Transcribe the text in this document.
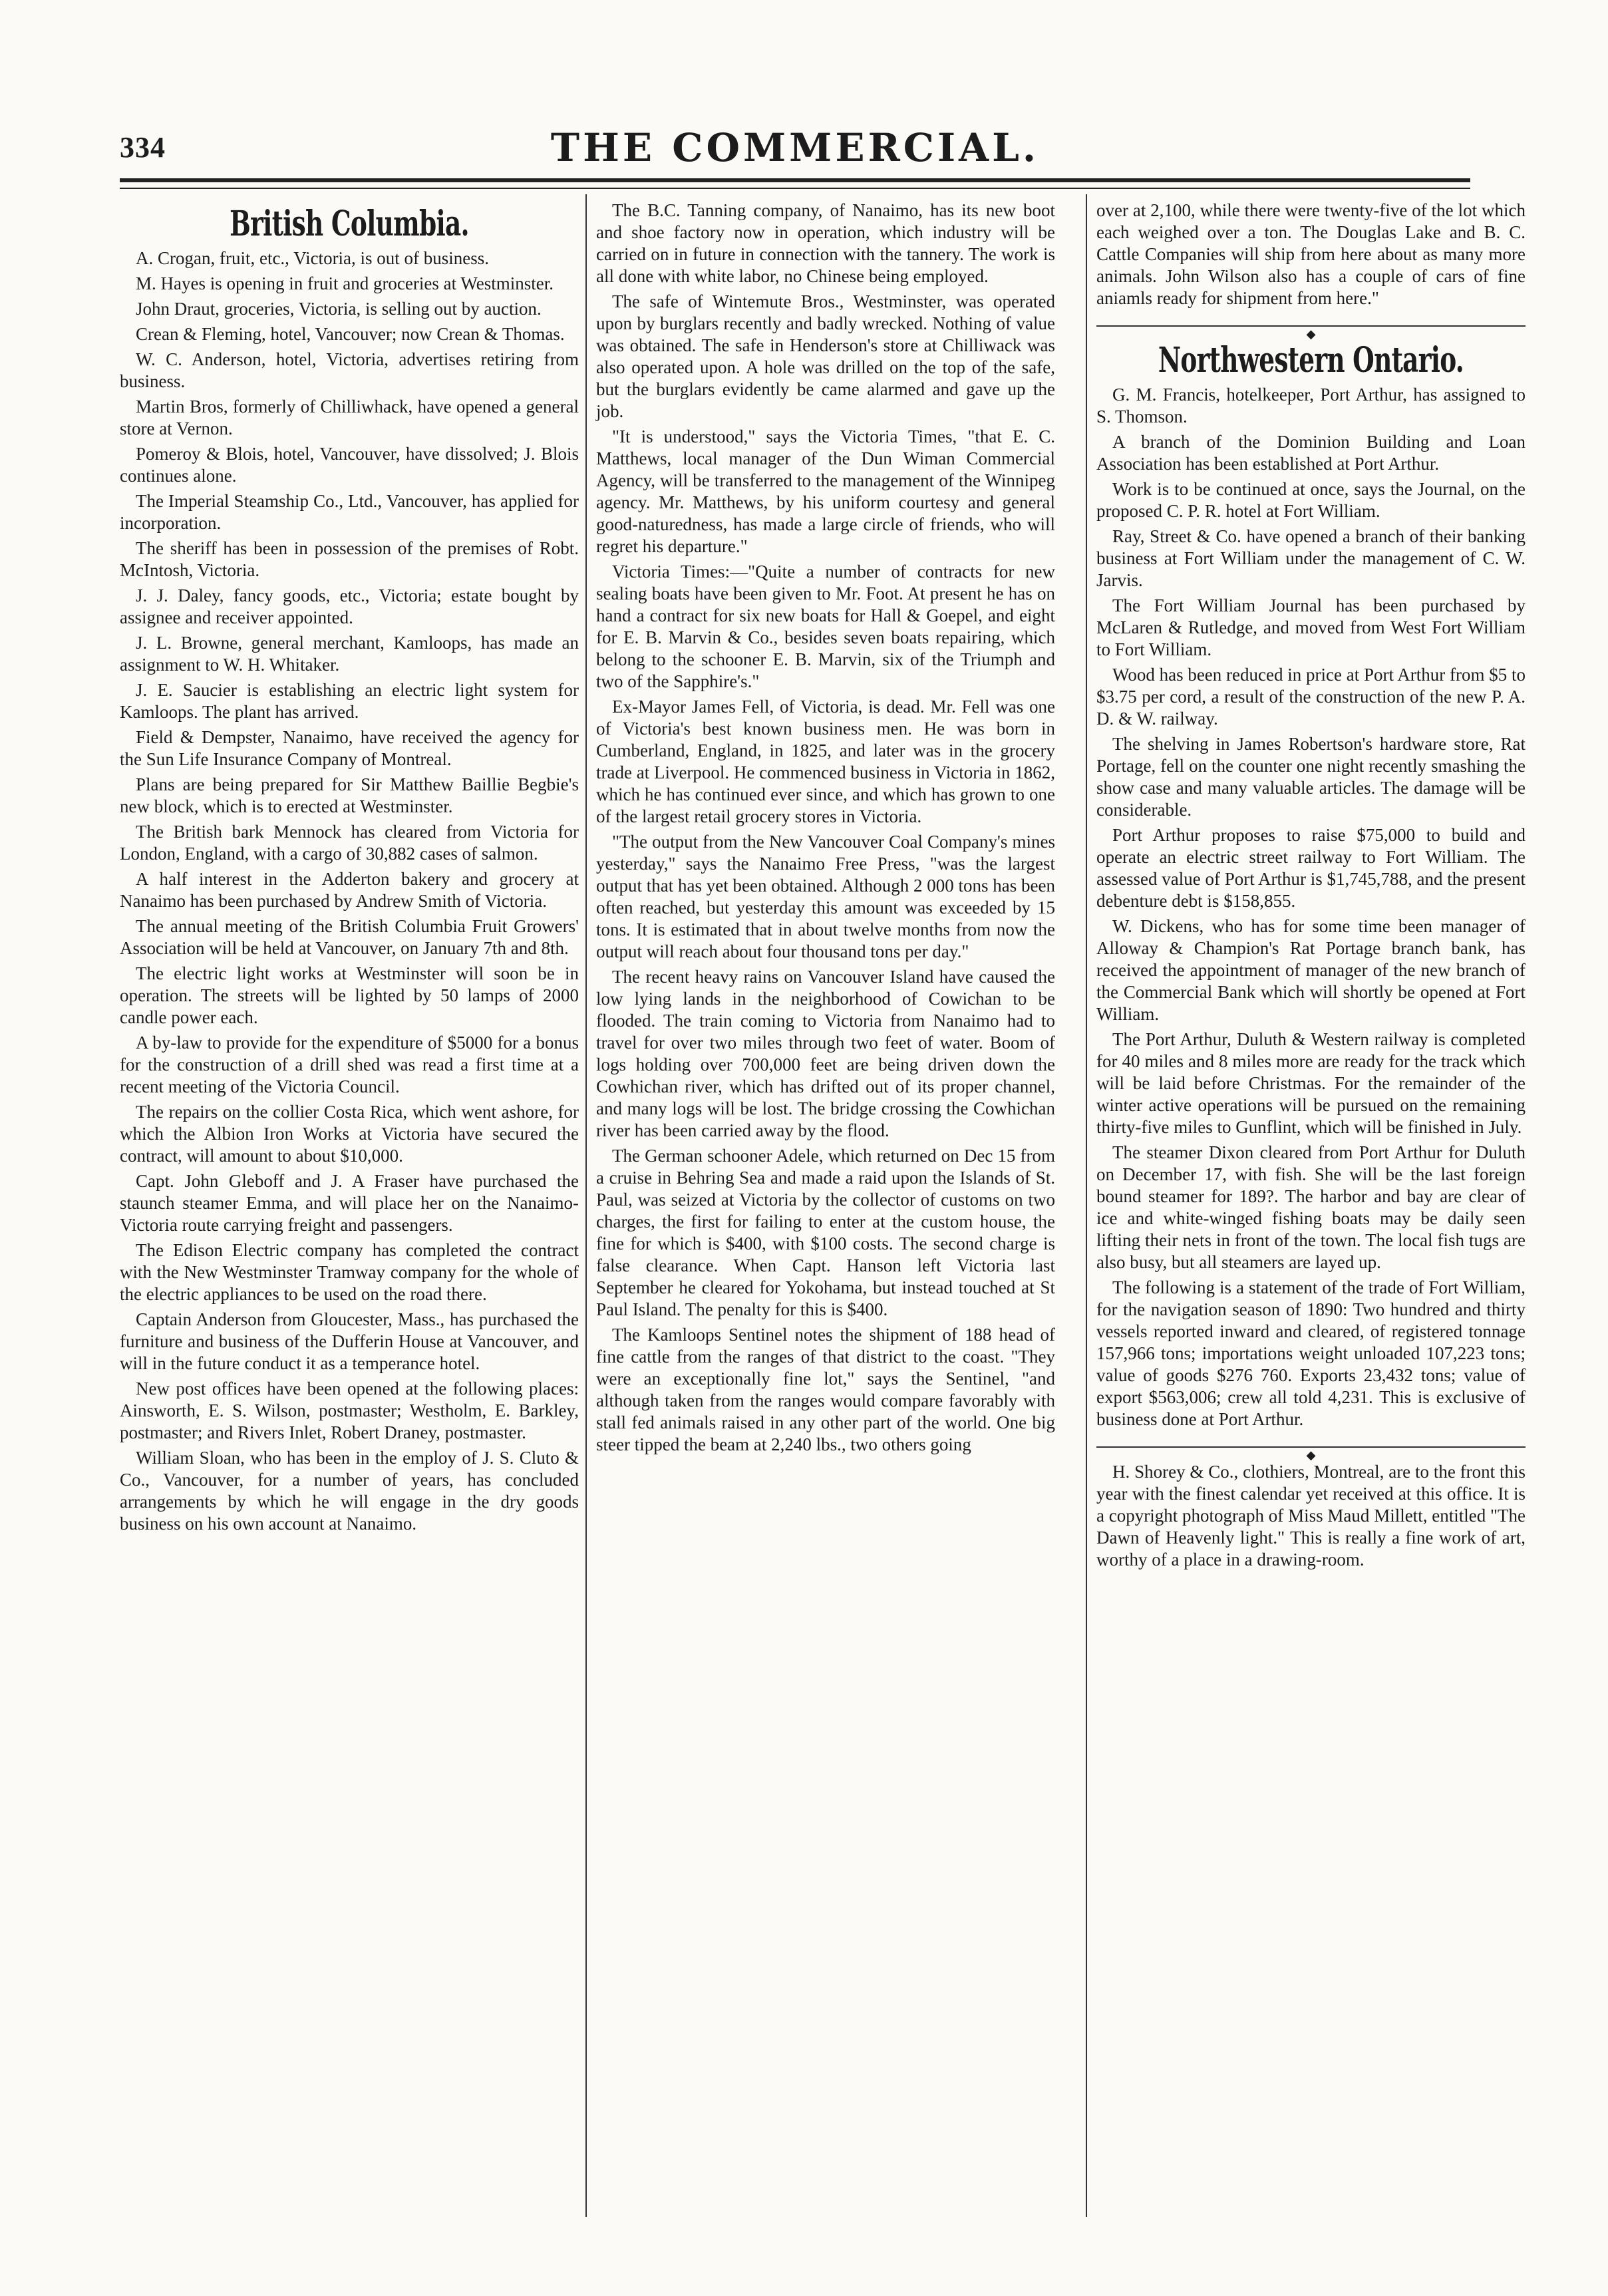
334	THE COMMERCIAL.
British Columbia.

A. Crogan, fruit, etc., Victoria, is out of business.

M. Hayes is opening in fruit and groceries at Westminster.

John Draut, groceries, Victoria, is selling out by auction.

Crean & Fleming, hotel, Vancouver; now Crean & Thomas.

W. C. Anderson, hotel, Victoria, advertises retiring from business.

Martin Bros, formerly of Chilliwhack, have opened a general store at Vernon.

Pomeroy & Blois, hotel, Vancouver, have dissolved; J. Blois continues alone.

The Imperial Steamship Co., Ltd., Vancouver, has applied for incorporation.

The sheriff has been in possession of the premises of Robt. McIntosh, Victoria.

J. J. Daley, fancy goods, etc., Victoria; estate bought by assignee and receiver appointed.

J. L. Browne, general merchant, Kamloops, has made an assignment to W. H. Whitaker.

J. E. Saucier is establishing an electric light system for Kamloops. The plant has arrived.

Field & Dempster, Nanaimo, have received the agency for the Sun Life Insurance Company of Montreal.

Plans are being prepared for Sir Matthew Baillie Begbie's new block, which is to erected at Westminster.

The British bark Mennock has cleared from Victoria for London, England, with a cargo of 30,882 cases of salmon.

A half interest in the Adderton bakery and grocery at Nanaimo has been purchased by Andrew Smith of Victoria.

The annual meeting of the British Columbia Fruit Growers' Association will be held at Vancouver, on January 7th and 8th.

The electric light works at Westminster will soon be in operation. The streets will be lighted by 50 lamps of 2000 candle power each.

A by-law to provide for the expenditure of $5000 for a bonus for the construction of a drill shed was read a first time at a recent meeting of the Victoria Council.

The repairs on the collier Costa Rica, which went ashore, for which the Albion Iron Works at Victoria have secured the contract, will amount to about $10,000.

Capt. John Gleboff and J. A Fraser have purchased the staunch steamer Emma, and will place her on the Nanaimo-Victoria route carrying freight and passengers.

The Edison Electric company has completed the contract with the New Westminster Tramway company for the whole of the electric appliances to be used on the road there.

Captain Anderson from Gloucester, Mass., has purchased the furniture and business of the Dufferin House at Vancouver, and will in the future conduct it as a temperance hotel.

New post offices have been opened at the following places: Ainsworth, E. S. Wilson, postmaster; Westholm, E. Barkley, postmaster; and Rivers Inlet, Robert Draney, postmaster.

William Sloan, who has been in the employ of J. S. Cluto & Co., Vancouver, for a number of years, has concluded arrangements by which he will engage in the dry goods business on his own account at Nanaimo.

The B.C. Tanning company, of Nanaimo, has its new boot and shoe factory now in operation, which industry will be carried on in future in connection with the tannery. The work is all done with white labor, no Chinese being employed.

The safe of Wintemute Bros., Westminster, was operated upon by burglars recently and badly wrecked. Nothing of value was obtained. The safe in Henderson's store at Chilliwack was also operated upon. A hole was drilled on the top of the safe, but the burglars evidently be came alarmed and gave up the job.

"It is understood," says the Victoria Times, "that E. C. Matthews, local manager of the Dun Wiman Commercial Agency, will be transferred to the management of the Winnipeg agency. Mr. Matthews, by his uniform courtesy and general good-naturedness, has made a large circle of friends, who will regret his departure."

Victoria Times:—"Quite a number of contracts for new sealing boats have been given to Mr. Foot. At present he has on hand a contract for six new boats for Hall & Goepel, and eight for E. B. Marvin & Co., besides seven boats repairing, which belong to the schooner E. B. Marvin, six of the Triumph and two of the Sapphire's."

Ex-Mayor James Fell, of Victoria, is dead. Mr. Fell was one of Victoria's best known business men. He was born in Cumberland, England, in 1825, and later was in the grocery trade at Liverpool. He commenced business in Victoria in 1862, which he has continued ever since, and which has grown to one of the largest retail grocery stores in Victoria.

"The output from the New Vancouver Coal Company's mines yesterday," says the Nanaimo Free Press, "was the largest output that has yet been obtained. Although 2 000 tons has been often reached, but yesterday this amount was exceeded by 15 tons. It is estimated that in about twelve months from now the output will reach about four thousand tons per day."

The recent heavy rains on Vancouver Island have caused the low lying lands in the neighborhood of Cowichan to be flooded. The train coming to Victoria from Nanaimo had to travel for over two miles through two feet of water. Boom of logs holding over 700,000 feet are being driven down the Cowhichan river, which has drifted out of its proper channel, and many logs will be lost. The bridge crossing the Cowhichan river has been carried away by the flood.

The German schooner Adele, which returned on Dec 15 from a cruise in Behring Sea and made a raid upon the Islands of St. Paul, was seized at Victoria by the collector of customs on two charges, the first for failing to enter at the custom house, the fine for which is $400, with $100 costs. The second charge is false clearance. When Capt. Hanson left Victoria last September he cleared for Yokohama, but instead touched at St Paul Island. The penalty for this is $400.

The Kamloops Sentinel notes the shipment of 188 head of fine cattle from the ranges of that district to the coast. "They were an exceptionally fine lot," says the Sentinel, "and although taken from the ranges would compare favorably with stall fed animals raised in any other part of the world. One big steer tipped the beam at 2,240 lbs., two others going

over at 2,100, while there were twenty-five of the lot which each weighed over a ton. The Douglas Lake and B. C. Cattle Companies will ship from here about as many more animals. John Wilson also has a couple of cars of fine aniamls ready for shipment from here."

◆
Northwestern Ontario.

G. M. Francis, hotelkeeper, Port Arthur, has assigned to S. Thomson.

A branch of the Dominion Building and Loan Association has been established at Port Arthur.

Work is to be continued at once, says the Journal, on the proposed C. P. R. hotel at Fort William.

Ray, Street & Co. have opened a branch of their banking business at Fort William under the management of C. W. Jarvis.

The Fort William Journal has been purchased by McLaren & Rutledge, and moved from West Fort William to Fort William.

Wood has been reduced in price at Port Arthur from $5 to $3.75 per cord, a result of the construction of the new P. A. D. & W. railway.

The shelving in James Robertson's hardware store, Rat Portage, fell on the counter one night recently smashing the show case and many valuable articles. The damage will be considerable.

Port Arthur proposes to raise $75,000 to build and operate an electric street railway to Fort William. The assessed value of Port Arthur is $1,745,788, and the present debenture debt is $158,855.

W. Dickens, who has for some time been manager of Alloway & Champion's Rat Portage branch bank, has received the appointment of manager of the new branch of the Commercial Bank which will shortly be opened at Fort William.

The Port Arthur, Duluth & Western railway is completed for 40 miles and 8 miles more are ready for the track which will be laid before Christmas. For the remainder of the winter active operations will be pursued on the remaining thirty-five miles to Gunflint, which will be finished in July.

The steamer Dixon cleared from Port Arthur for Duluth on December 17, with fish. She will be the last foreign bound steamer for 189?. The harbor and bay are clear of ice and white-winged fishing boats may be daily seen lifting their nets in front of the town. The local fish tugs are also busy, but all steamers are layed up.

The following is a statement of the trade of Fort William, for the navigation season of 1890: Two hundred and thirty vessels reported inward and cleared, of registered tonnage 157,966 tons; importations weight unloaded 107,223 tons; value of goods $276 760. Exports 23,432 tons; value of export $563,006; crew all told 4,231. This is exclusive of business done at Port Arthur.

◆

H. Shorey & Co., clothiers, Montreal, are to the front this year with the finest calendar yet received at this office. It is a copyright photograph of Miss Maud Millett, entitled "The Dawn of Heavenly light." This is really a fine work of art, worthy of a place in a drawing-room.
